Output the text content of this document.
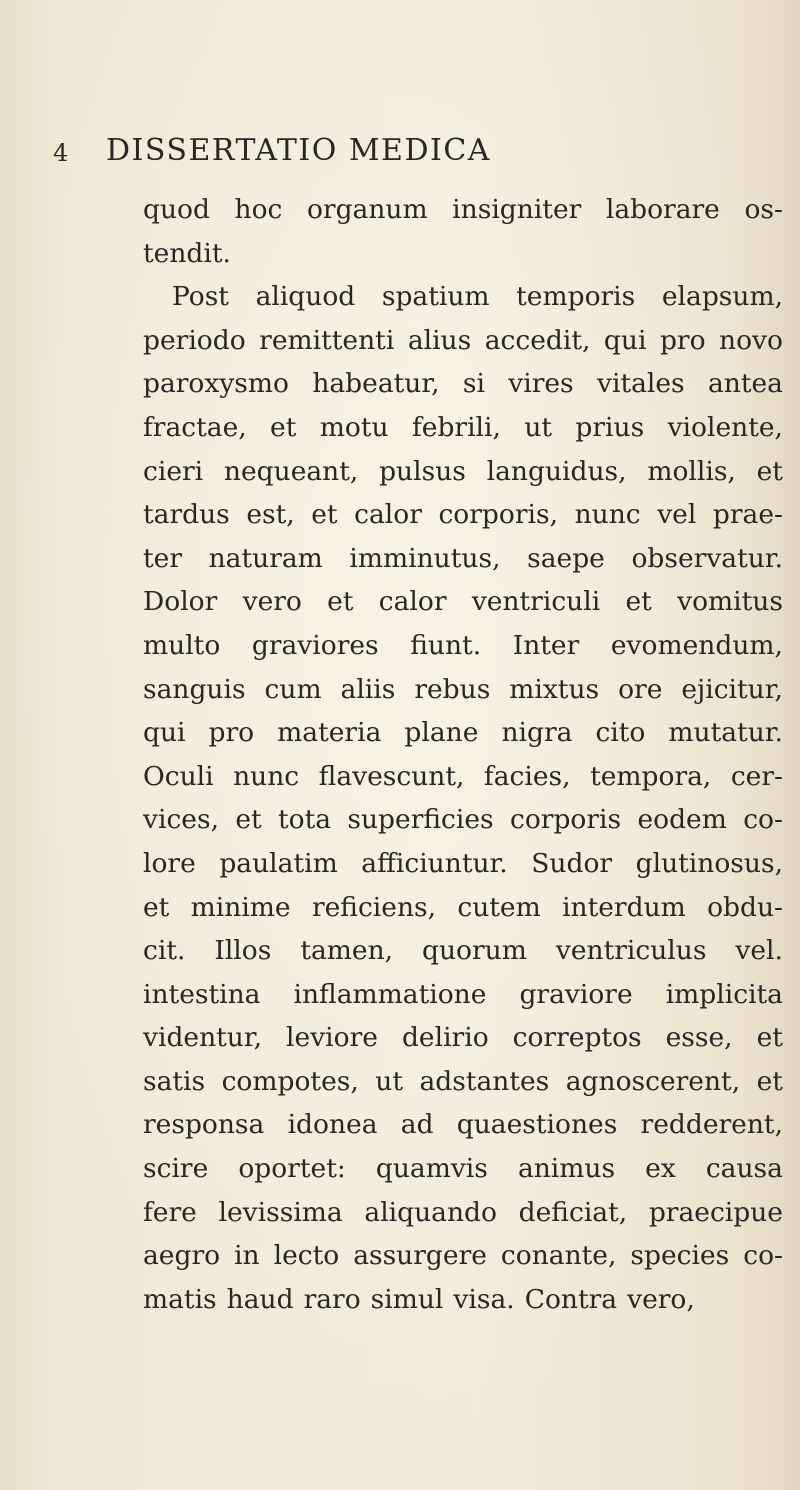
4 DISSERTATIO MEDICA
quod hoc organum insigniter laborare os-
tendit.
Post aliquod spatium temporis elapsum,
periodo remittenti alius accedit, qui pro novo
paroxysmo habeatur, si vires vitales antea
fractae, et motu febrili, ut prius violente,
cieri nequeant, pulsus languidus, mollis, et
tardus est, et calor corporis, nunc vel prae-
ter naturam imminutus, saepe observatur.
Dolor vero et calor ventriculi et vomitus
multo graviores fiunt. Inter evomendum,
sanguis cum aliis rebus mixtus ore ejicitur,
qui pro materia plane nigra cito mutatur.
Oculi nunc flavescunt, facies, tempora, cer-
vices, et tota superficies corporis eodem co-
lore paulatim afficiuntur. Sudor glutinosus,
et minime reficiens, cutem interdum obdu-
cit. Illos tamen, quorum ventriculus vel.
intestina inflammatione graviore implicita
videntur, leviore delirio correptos esse, et
satis compotes, ut adstantes agnoscerent, et
responsa idonea ad quaestiones redderent,
scire oportet: quamvis animus ex causa
fere levissima aliquando deficiat, praecipue
aegro in lecto assurgere conante, species co-
matis haud raro simul visa. Contra vero,
